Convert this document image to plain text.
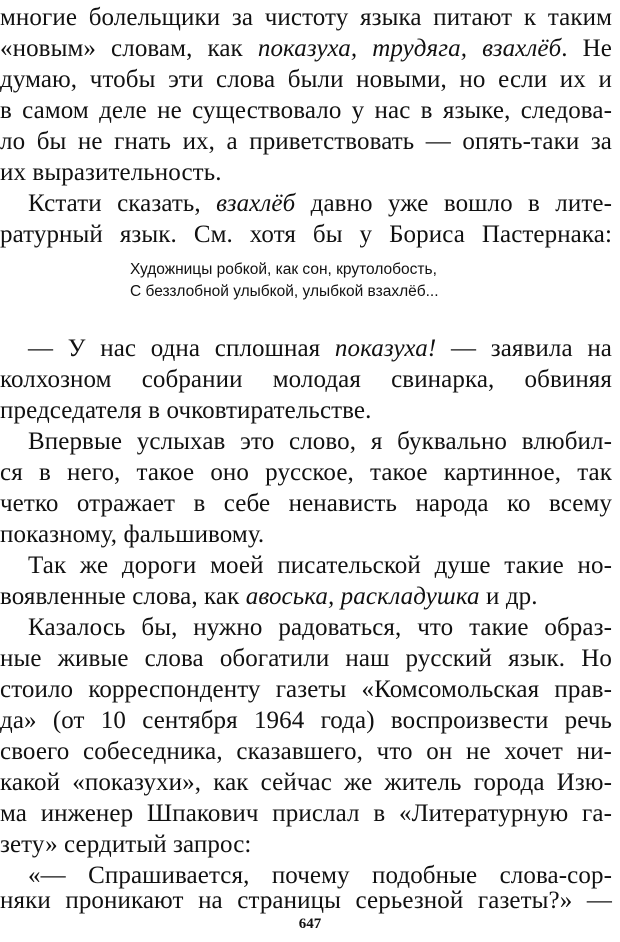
многие болельщики за чистоту языка питают к таким
«новым» словам, как показуха, трудяга, взахлёб. Не
думаю, чтобы эти слова были новыми, но если их и
в самом деле не существовало у нас в языке, следова-
ло бы не гнать их, а приветствовать — опять-таки за
их выразительность.
Кстати сказать, взахлёб давно уже вошло в лите-
ратурный язык. См. хотя бы у Бориса Пастернака:
Художницы робкой, как сон, крутолобость,
С беззлобной улыбкой, улыбкой взахлёб...
— У нас одна сплошная показуха! — заявила на
колхозном собрании молодая свинарка, обвиняя
председателя в очковтирательстве.
Впервые услыхав это слово, я буквально влюбил-
ся в него, такое оно русское, такое картинное, так
четко отражает в себе ненависть народа ко всему
показному, фальшивому.
Так же дороги моей писательской душе такие но-
воявленные слова, как авоська, раскладушка и др.
Казалось бы, нужно радоваться, что такие образ-
ные живые слова обогатили наш русский язык. Но
стоило корреспонденту газеты «Комсомольская прав-
да» (от 10 сентября 1964 года) воспроизвести речь
своего собеседника, сказавшего, что он не хочет ни-
какой «показухи», как сейчас же житель города Изю-
ма инженер Шпакович прислал в «Литературную га-
зету» сердитый запрос:
«— Спрашивается, почему подобные слова-сор-
няки проникают на страницы серьезной газеты?» —
647
